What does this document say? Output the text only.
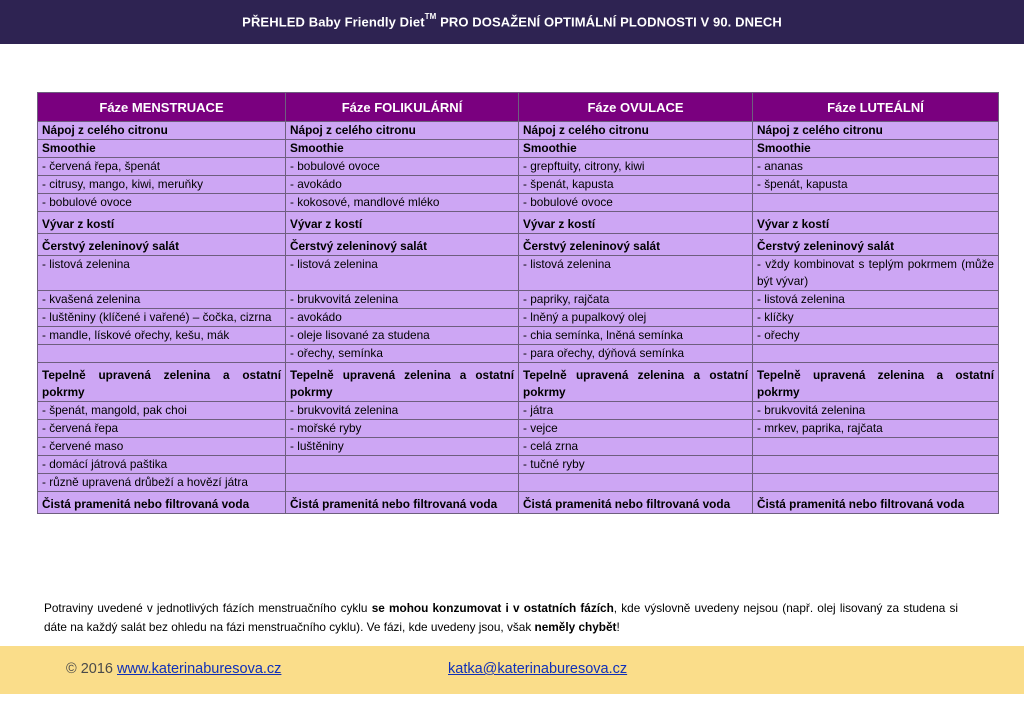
PŘEHLED Baby Friendly Diet™ PRO DOSAŽENÍ OPTIMÁLNÍ PLODNOSTI V 90. DNECH
Fáze MENSTRUACE	Fáze FOLIKULÁRNÍ	Fáze OVULACE	Fáze LUTEÁLNÍ
Nápoj z celého citronu	Nápoj z celého citronu	Nápoj z celého citronu	Nápoj z celého citronu
Smoothie	Smoothie	Smoothie	Smoothie
- červená řepa, špenát	- bobulové ovoce	- grepftuity, citrony, kiwi	- ananas
- citrusy, mango, kiwi, meruňky	- avokádo	- špenát, kapusta	- špenát, kapusta
- bobulové ovoce	- kokosové, mandlové mléko	- bobulové ovoce	
Vývar z kostí	Vývar z kostí	Vývar z kostí	Vývar z kostí
Čerstvý zeleninový salát	Čerstvý zeleninový salát	Čerstvý zeleninový salát	Čerstvý zeleninový salát
- listová zelenina	- listová zelenina	- listová zelenina	- vždy kombinovat s teplým pokrmem (může být vývar)
- kvašená zelenina	- brukvovitá zelenina	- papriky, rajčata	- listová zelenina
- luštěniny (klíčené i vařené) – čočka, cizrna	- avokádo	- lněný a pupalkový olej	- klíčky
- mandle, lískové ořechy, kešu, mák	- oleje lisované za studena	- chia semínka, lněná semínka	- ořechy
	- ořechy, semínka	- para ořechy, dýňová semínka	
Tepelně upravená zelenina a ostatní pokrmy	Tepelně upravená zelenina a ostatní pokrmy	Tepelně upravená zelenina a ostatní pokrmy	Tepelně upravená zelenina a ostatní pokrmy
- špenát, mangold, pak choi	- brukvovitá zelenina	- játra	- brukvovitá zelenina
- červená řepa	- mořské ryby	- vejce	- mrkev, paprika, rajčata
- červené maso	- luštěniny	- celá zrna	
- domácí játrová paštika		- tučné ryby	
- různě upravená drůbeží a hovězí játra			
Čistá pramenitá nebo filtrovaná voda	Čistá pramenitá nebo filtrovaná voda	Čistá pramenitá nebo filtrovaná voda	Čistá pramenitá nebo filtrovaná voda
Potraviny uvedené v jednotlivých fázích menstruačního cyklu se mohou konzumovat i v ostatních fázích, kde výslovně uvedeny nejsou (např. olej lisovaný za studena si dáte na každý salát bez ohledu na fázi menstruačního cyklu). Ve fázi, kde uvedeny jsou, však neměly chybět!
© 2016 www.katerinaburesova.cz	katka@katerinaburesova.cz
